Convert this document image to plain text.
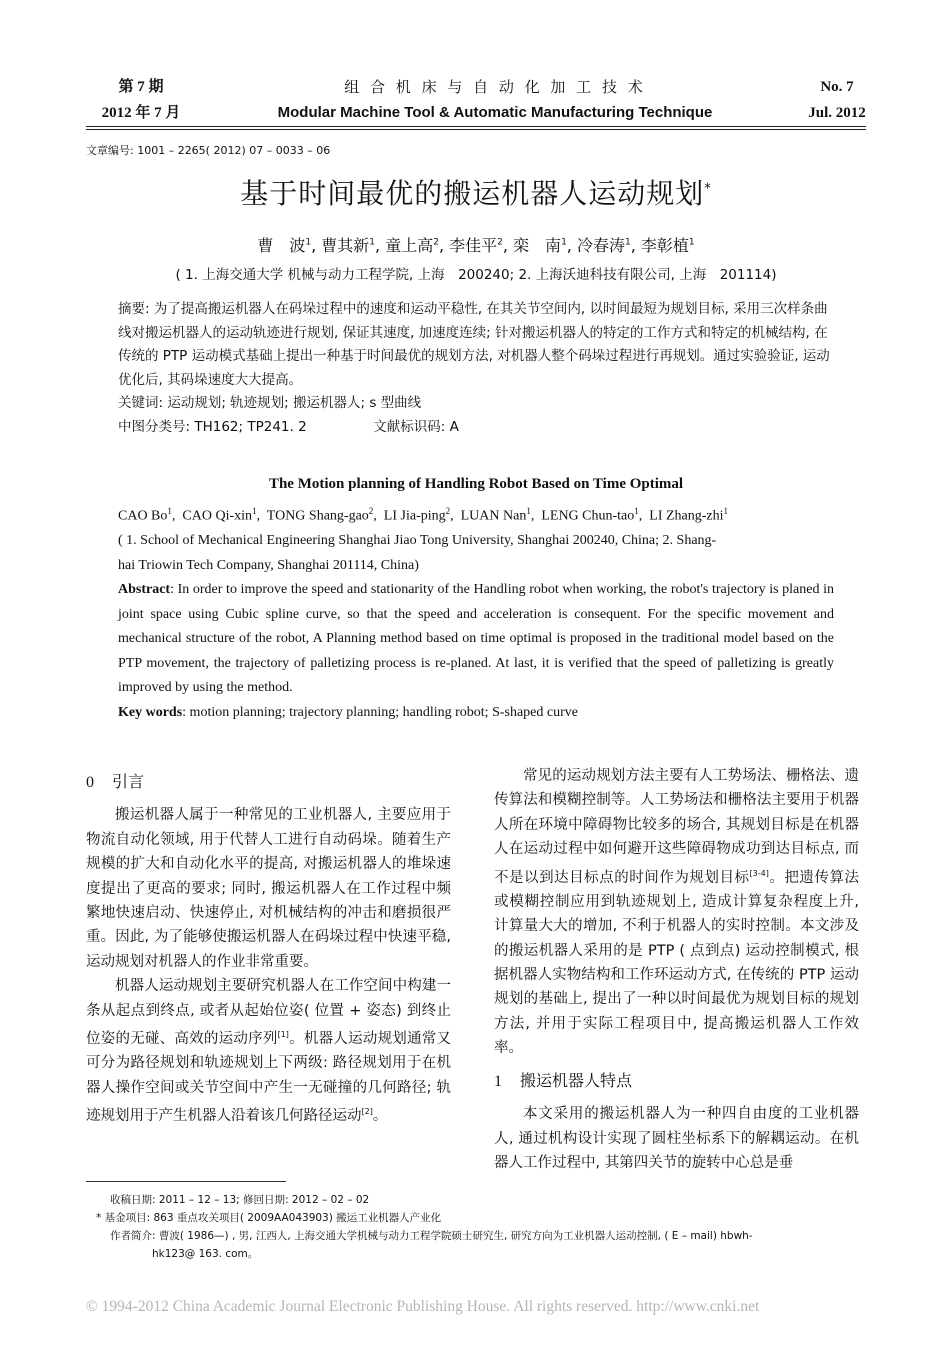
第 7 期
2012 年 7 月
组 合 机 床 与 自 动 化 加 工 技 术
Modular Machine Tool & Automatic Manufacturing Technique
No. 7
Jul. 2012
文章编号: 1001 – 2265( 2012) 07 – 0033 – 06
基于时间最优的搬运机器人运动规划*
曹　波$^1$, 曹其新$^1$, 童上高$^2$, 李佳平$^2$, 栾　南$^1$, 冷春涛$^1$, 李彰植$^1$
( 1. 上海交通大学 机械与动力工程学院, 上海　200240; 2. 上海沃迪科技有限公司, 上海　201114)

摘要: 为了提高搬运机器人在码垛过程中的速度和运动平稳性, 在其关节空间内, 以时间最短为规划目标, 采用三次样条曲线对搬运机器人的运动轨迹进行规划, 保证其速度, 加速度连续; 针对搬运机器人的特定的工作方式和特定的机械结构, 在传统的 PTP 运动模式基础上提出一种基于时间最优的规划方法, 对机器人整个码垛过程进行再规划。通过实验验证, 运动优化后, 其码垛速度大大提高。

关键词: 运动规划; 轨迹规划; 搬运机器人; s 型曲线

中图分类号: TH162; TP241. 2	文献标识码: A

The Motion planning of Handling Robot Based on Time Optimal

CAO Bo$^1$,  CAO Qi-xin$^1$,  TONG Shang-gao$^2$,  LI Jia-ping$^2$,  LUAN Nan$^1$,  LENG Chun-tao$^1$,  LI Zhang-zhi$^1$

( 1. School of Mechanical Engineering Shanghai Jiao Tong University, Shanghai 200240, China; 2. Shang-

hai Triowin Tech Company, Shanghai 201114, China)

Abstract: In order to improve the speed and stationarity of the Handling robot when working, the robot's trajectory is planed in joint space using Cubic spline curve, so that the speed and acceleration is consequent. For the specific movement and mechanical structure of the robot, A Planning method based on time optimal is proposed in the traditional model based on the PTP movement, the trajectory of palletizing process is re-planed. At last, it is verified that the speed of palletizing is greatly improved by using the method.

Key words: motion planning; trajectory planning; handling robot; S-shaped curve

0 引言

搬运机器人属于一种常见的工业机器人, 主要应用于物流自动化领域, 用于代替人工进行自动码垛。随着生产规模的扩大和自动化水平的提高, 对搬运机器人的堆垛速度提出了更高的要求; 同时, 搬运机器人在工作过程中频繁地快速启动、快速停止, 对机械结构的冲击和磨损很严重。因此, 为了能够使搬运机器人在码垛过程中快速平稳, 运动规划对机器人的作业非常重要。

机器人运动规划主要研究机器人在工作空间中构建一条从起点到终点, 或者从起始位姿( 位置 + 姿态) 到终止位姿的无碰、高效的运动序列[1]。机器人运动规划通常又可分为路径规划和轨迹规划上下两级: 路径规划用于在机器人操作空间或关节空间中产生一无碰撞的几何路径; 轨迹规划用于产生机器人沿着该几何路径运动[2]。

常见的运动规划方法主要有人工势场法、栅格法、遗传算法和模糊控制等。人工势场法和栅格法主要用于机器人所在环境中障碍物比较多的场合, 其规划目标是在机器人在运动过程中如何避开这些障碍物成功到达目标点, 而不是以到达目标点的时间作为规划目标[3-4]。把遗传算法或模糊控制应用到轨迹规划上, 造成计算复杂程度上升, 计算量大大的增加, 不利于机器人的实时控制。本文涉及的搬运机器人采用的是 PTP ( 点到点) 运动控制模式, 根据机器人实物结构和工作环运动方式, 在传统的 PTP 运动规划的基础上, 提出了一种以时间最优为规划目标的规划方法, 并用于实际工程项目中, 提高搬运机器人工作效率。

1 搬运机器人特点

本文采用的搬运机器人为一种四自由度的工业机器人, 通过机构设计实现了圆柱坐标系下的解耦运动。在机器人工作过程中, 其第四关节的旋转中心总是垂

收稿日期: 2011 – 12 – 13; 修回日期: 2012 – 02 – 02

* 基金项目: 863 重点攻关项目( 2009AA043903) 搬运工业机器人产业化

作者简介: 曹波( 1986—) , 男, 江西人, 上海交通大学机械与动力工程学院硕士研究生, 研究方向为工业机器人运动控制, ( E – mail) hbwh-

hk123@ 163. com。

© 1994-2012 China Academic Journal Electronic Publishing House. All rights reserved. http://www.cnki.net
